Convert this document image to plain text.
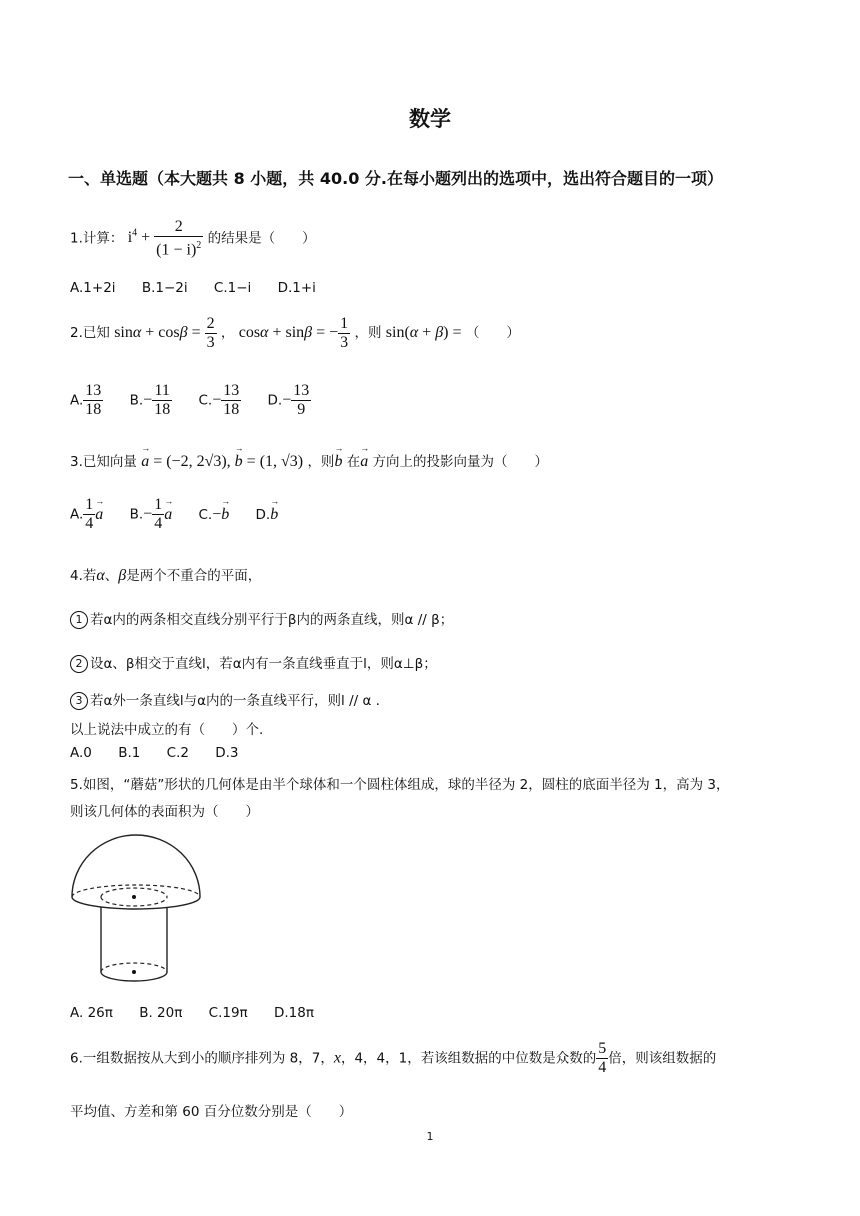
数学
一、单选题（本大题共 8 小题，共 40.0 分.在每小题列出的选项中，选出符合题目的一项）
1.计算： $i^4 + \frac{2}{(1 - i)^2}$ 的结果是（　　）
A.1+2i B.1−2i C.1−i D.1+i
2.已知 $\sin\alpha + \cos\beta = \frac{2}{3}$ ， cosα + sinβ = − $\frac{1}{3}$ ，则 sin(α + β) = （　　）
A. $\frac{13}{18} B.- \frac{11}{18} C.- \frac{13}{18} D.- \frac{13}{9}$
3.已知向量 → a = (−2, 2√3), → b = (1, √3) ，则→ b 在→ a 方向上的投影向量为（　　）
A. $\frac{1}{4}$
→ a $B.- \frac{1}{4}$
→ a C.−→ b D.→ b
4.若α、β是两个不重合的平面，
1 若α内的两条相交直线分别平行于β内的两条直线，则α // β；
2 设α、β相交于直线l，若α内有一条直线垂直于l，则α⊥β；
3 若α外一条直线l与α内的一条直线平行，则l // α .
以上说法中成立的有（　　）个.
A.0 B.1 C.2 D.3
5.如图，“蘑菇”形状的几何体是由半个球体和一个圆柱体组成，球的半径为 2，圆柱的底面半径为 1，高为 3，
则该几何体的表面积为（　　）
A. 26π B. 20π C.19π D.18π
6.一组数据按从大到小的顺序排列为 8，7，x，4，4，1，若该组数据的中位数是众数的 $\frac{5}{4}$ 倍，则该组数据的
平均值、方差和第 60 百分位数分别是（　　）
1
